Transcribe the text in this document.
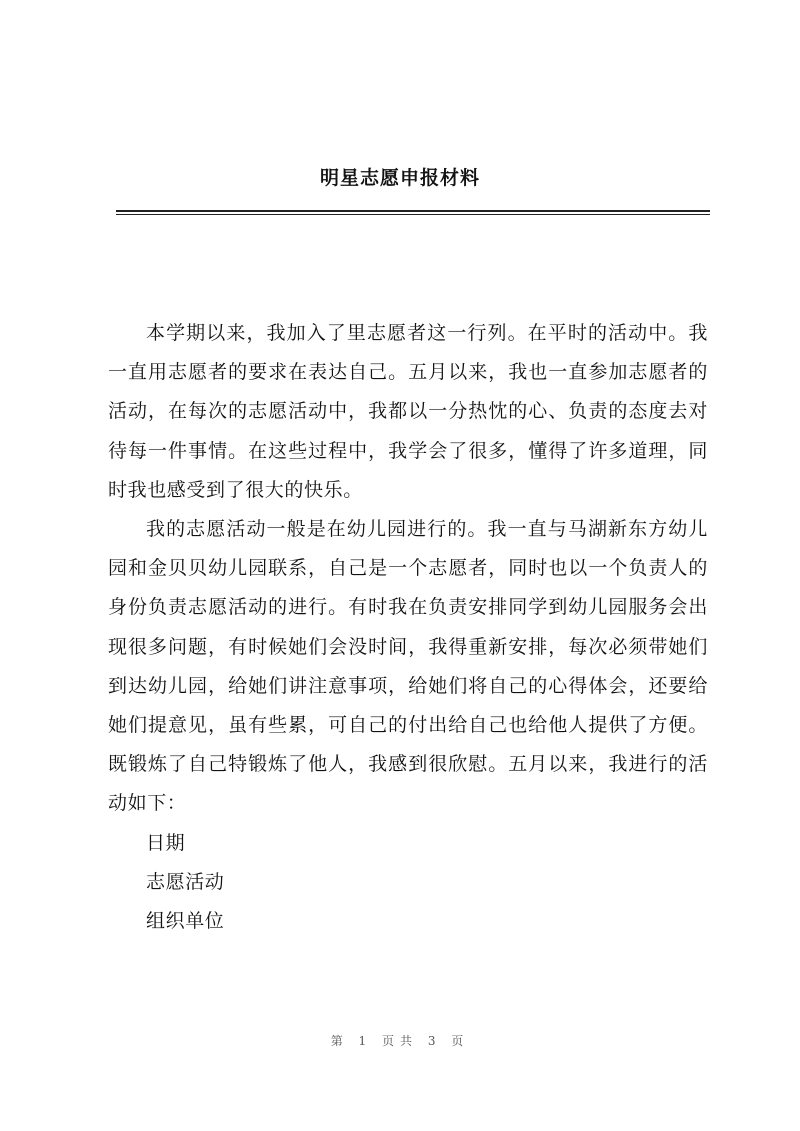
明星志愿申报材料

本学期以来，我加入了里志愿者这一行列。在平时的活动中。我一直用志愿者的要求在表达自己。五月以来，我也一直参加志愿者的活动，在每次的志愿活动中，我都以一分热忱的心、负责的态度去对待每一件事情。在这些过程中，我学会了很多，懂得了许多道理，同时我也感受到了很大的快乐。

我的志愿活动一般是在幼儿园进行的。我一直与马湖新东方幼儿园和金贝贝幼儿园联系，自己是一个志愿者，同时也以一个负责人的身份负责志愿活动的进行。有时我在负责安排同学到幼儿园服务会出现很多问题，有时候她们会没时间，我得重新安排，每次必须带她们到达幼儿园，给她们讲注意事项，给她们将自己的心得体会，还要给她们提意见，虽有些累，可自己的付出给自己也给他人提供了方便。既锻炼了自己特锻炼了他人，我感到很欣慰。五月以来，我进行的活动如下：

日期

志愿活动

组织单位

第 1 页共 3 页
